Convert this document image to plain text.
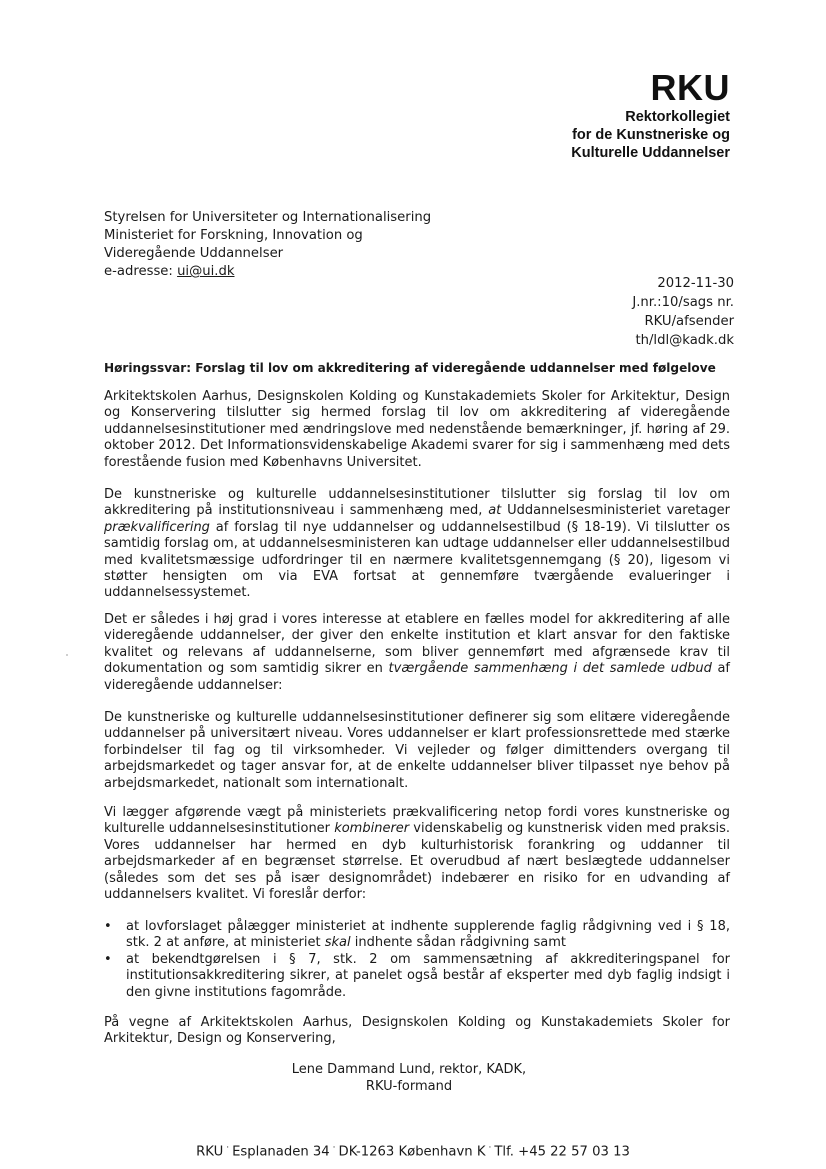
RKU
Rektorkollegiet
for de Kunstneriske og
Kulturelle Uddannelser
Styrelsen for Universiteter og Internationalisering
Ministeriet for Forskning, Innovation og
Videregående Uddannelser
e-adresse: ui@ui.dk
2012-11-30
J.nr.:10/sags nr.
RKU/afsender
th/ldl@kadk.dk
Høringssvar: Forslag til lov om akkreditering af videregående uddannelser med følgelove
Arkitektskolen Aarhus, Designskolen Kolding og Kunstakademiets Skoler for Arkitektur, Design og Konservering tilslutter sig hermed forslag til lov om akkreditering af videregående uddannelsesinstitutioner med ændringslove med nedenstående bemærkninger, jf. høring af 29. oktober 2012. Det Informationsvidenskabelige Akademi svarer for sig i sammenhæng med dets forestående fusion med Københavns Universitet.
De kunstneriske og kulturelle uddannelsesinstitutioner tilslutter sig forslag til lov om akkreditering på institutionsniveau i sammenhæng med, at Uddannelsesministeriet varetager prækvalificering af forslag til nye uddannelser og uddannelsestilbud (§ 18-19). Vi tilslutter os samtidig forslag om, at uddannelsesministeren kan udtage uddannelser eller uddannelsestilbud med kvalitetsmæssige udfordringer til en nærmere kvalitetsgennemgang (§ 20), ligesom vi støtter hensigten om via EVA fortsat at gennemføre tværgående evalueringer i uddannelsessystemet.
Det er således i høj grad i vores interesse at etablere en fælles model for akkreditering af alle videregående uddannelser, der giver den enkelte institution et klart ansvar for den faktiske kvalitet og relevans af uddannelserne, som bliver gennemført med afgrænsede krav til dokumentation og som samtidig sikrer en tværgående sammenhæng i det samlede udbud af videregående uddannelser:
De kunstneriske og kulturelle uddannelsesinstitutioner definerer sig som elitære videregående uddannelser på universitært niveau. Vores uddannelser er klart professionsrettede med stærke forbindelser til fag og til virksomheder. Vi vejleder og følger dimittenders overgang til arbejdsmarkedet og tager ansvar for, at de enkelte uddannelser bliver tilpasset nye behov på arbejdsmarkedet, nationalt som internationalt.
Vi lægger afgørende vægt på ministeriets prækvalificering netop fordi vores kunstneriske og kulturelle uddannelsesinstitutioner kombinerer videnskabelig og kunstnerisk viden med praksis. Vores uddannelser har hermed en dyb kulturhistorisk forankring og uddanner til arbejdsmarkeder af en begrænset størrelse. Et overudbud af nært beslægtede uddannelser (således som det ses på især designområdet) indebærer en risiko for en udvanding af uddannelsers kvalitet. Vi foreslår derfor:
• at lovforslaget pålægger ministeriet at indhente supplerende faglig rådgivning ved i § 18, stk. 2 at anføre, at ministeriet skal indhente sådan rådgivning samt
• at bekendtgørelsen i § 7, stk. 2 om sammensætning af akkrediteringspanel for institutionsakkreditering sikrer, at panelet også består af eksperter med dyb faglig indsigt i den givne institutions fagområde.
På vegne af Arkitektskolen Aarhus, Designskolen Kolding og Kunstakademiets Skoler for Arkitektur, Design og Konservering,
Lene Dammand Lund, rektor, KADK,
RKU-formand
RKU · Esplanaden 34 · DK-1263 København K · Tlf. +45 22 57 03 13
